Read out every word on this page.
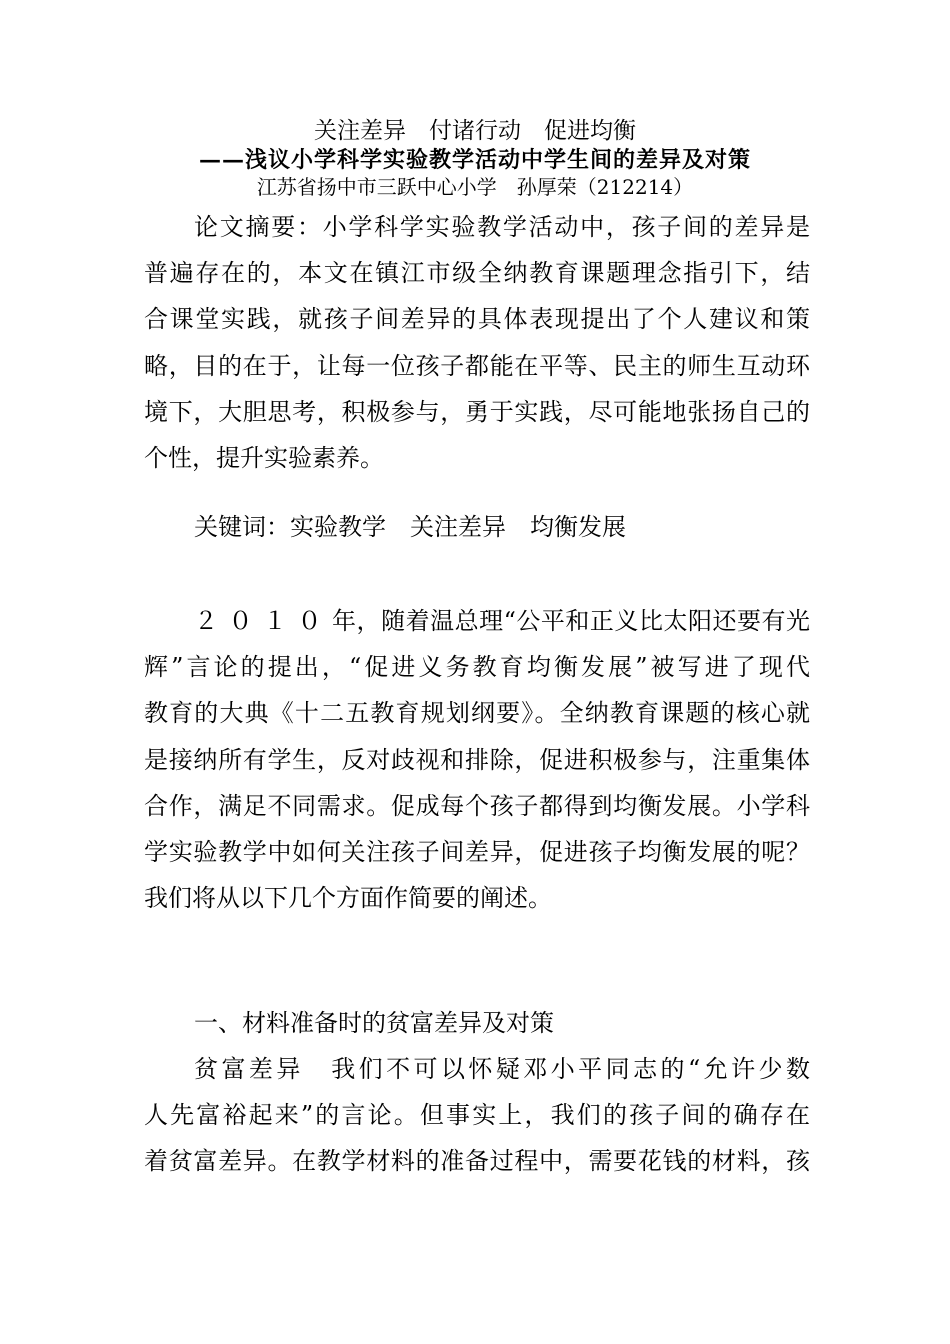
关注差异　付诸行动　促进均衡
——浅议小学科学实验教学活动中学生间的差异及对策
江苏省扬中市三跃中心小学　孙厚荣（212214）
论文摘要：小学科学实验教学活动中，孩子间的差异是
普遍存在的，本文在镇江市级全纳教育课题理念指引下，结
合课堂实践，就孩子间差异的具体表现提出了个人建议和策
略，目的在于，让每一位孩子都能在平等、民主的师生互动环
境下，大胆思考，积极参与，勇于实践，尽可能地张扬自己的
个性，提升实验素养。
关键词：实验教学　关注差异　均衡发展
２０１０年，随着温总理“公平和正义比太阳还要有光
辉”言论的提出，“促进义务教育均衡发展”被写进了现代
教育的大典《十二五教育规划纲要》。全纳教育课题的核心就
是接纳所有学生，反对歧视和排除，促进积极参与，注重集体
合作，满足不同需求。促成每个孩子都得到均衡发展。小学科
学实验教学中如何关注孩子间差异，促进孩子均衡发展的呢？
我们将从以下几个方面作简要的阐述。
一、材料准备时的贫富差异及对策
贫富差异　我们不可以怀疑邓小平同志的“允许少数
人先富裕起来”的言论。但事实上，我们的孩子间的确存在
着贫富差异。在教学材料的准备过程中，需要花钱的材料，孩
